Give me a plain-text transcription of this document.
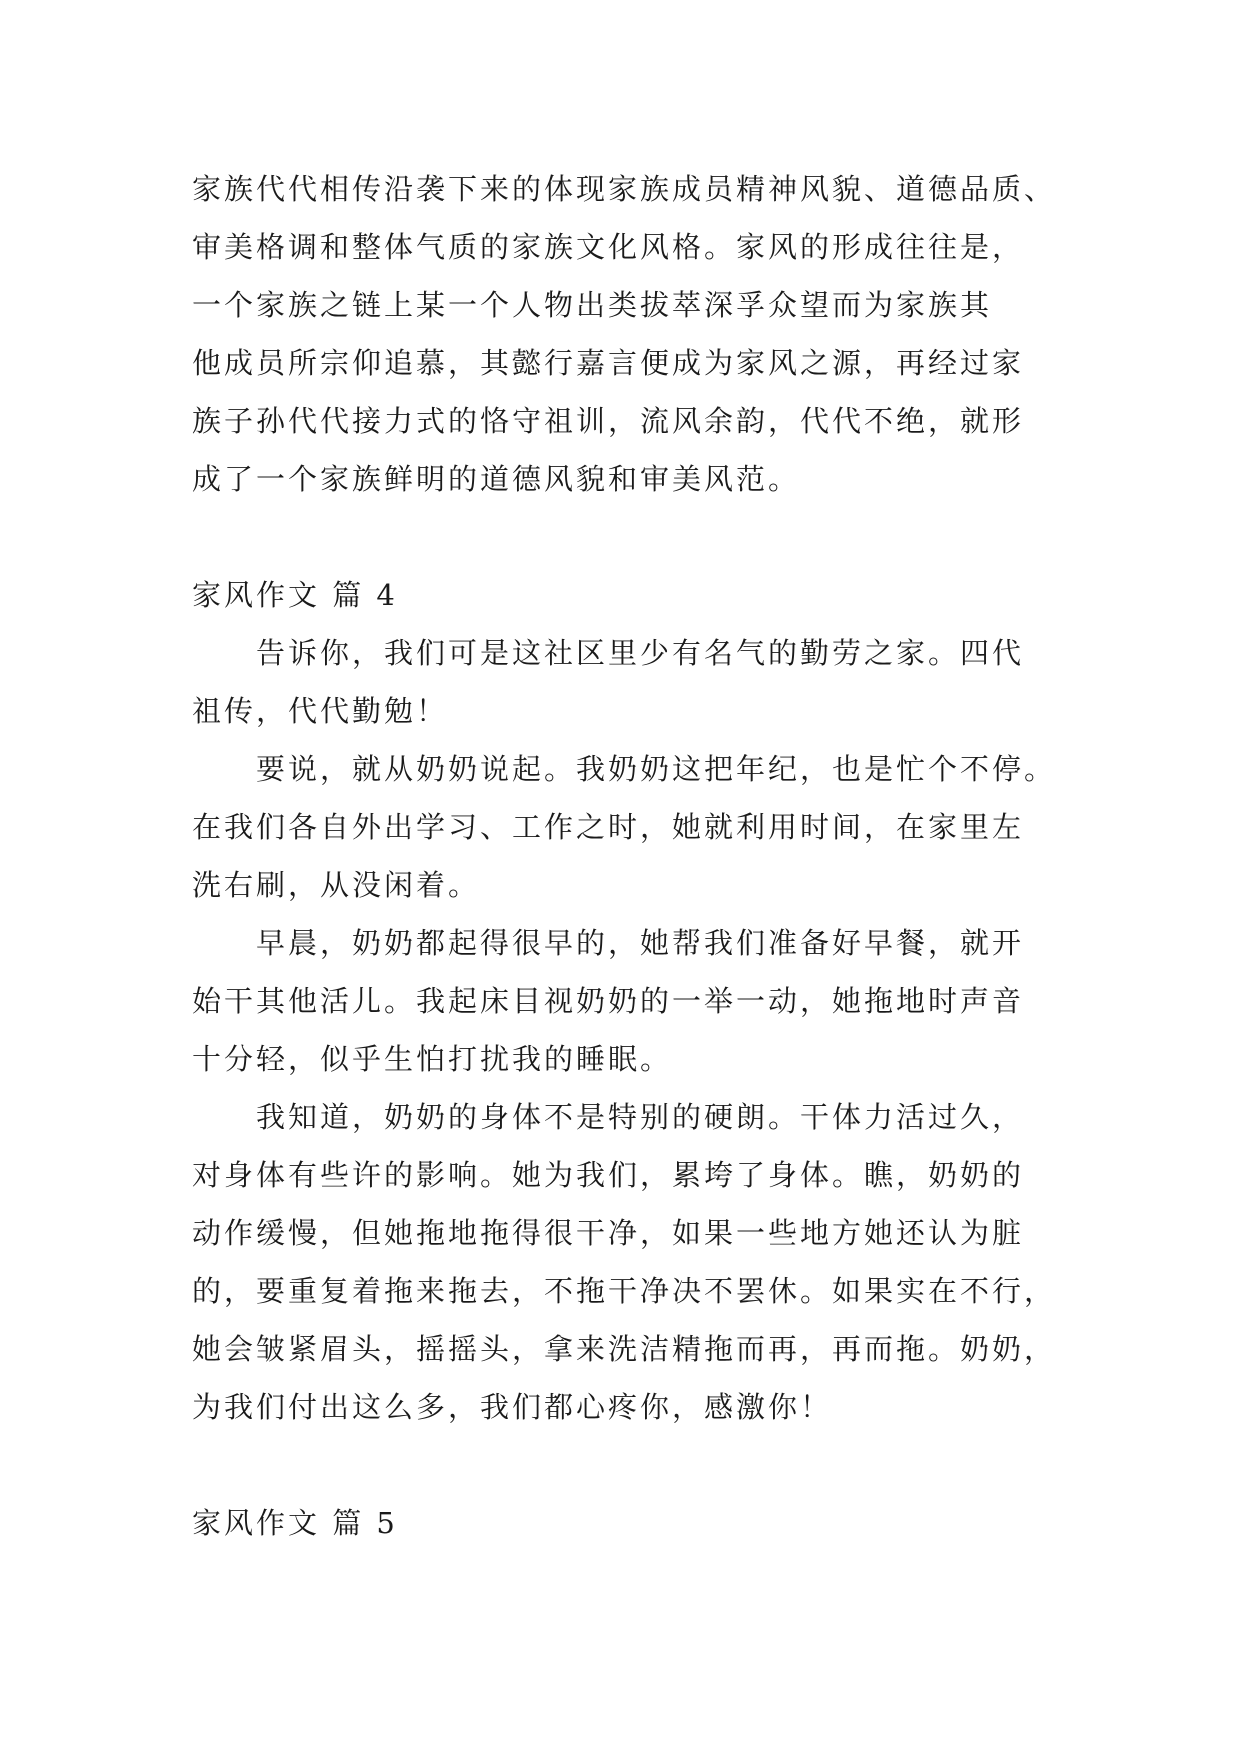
家族代代相传沿袭下来的体现家族成员精神风貌、道德品质、
审美格调和整体气质的家族文化风格。家风的形成往往是，
一个家族之链上某一个人物出类拔萃深孚众望而为家族其
他成员所宗仰追慕，其懿行嘉言便成为家风之源，再经过家
族子孙代代接力式的恪守祖训，流风余韵，代代不绝，就形
成了一个家族鲜明的道德风貌和审美风范。
家风作文 篇 4
告诉你，我们可是这社区里少有名气的勤劳之家。四代
祖传，代代勤勉！
要说，就从奶奶说起。我奶奶这把年纪，也是忙个不停。
在我们各自外出学习、工作之时，她就利用时间，在家里左
洗右刷，从没闲着。
早晨，奶奶都起得很早的，她帮我们准备好早餐，就开
始干其他活儿。我起床目视奶奶的一举一动，她拖地时声音
十分轻，似乎生怕打扰我的睡眠。
我知道，奶奶的身体不是特别的硬朗。干体力活过久，
对身体有些许的影响。她为我们，累垮了身体。瞧，奶奶的
动作缓慢，但她拖地拖得很干净，如果一些地方她还认为脏
的，要重复着拖来拖去，不拖干净决不罢休。如果实在不行，
她会皱紧眉头，摇摇头，拿来洗洁精拖而再，再而拖。奶奶，
为我们付出这么多，我们都心疼你，感激你！
家风作文 篇 5
